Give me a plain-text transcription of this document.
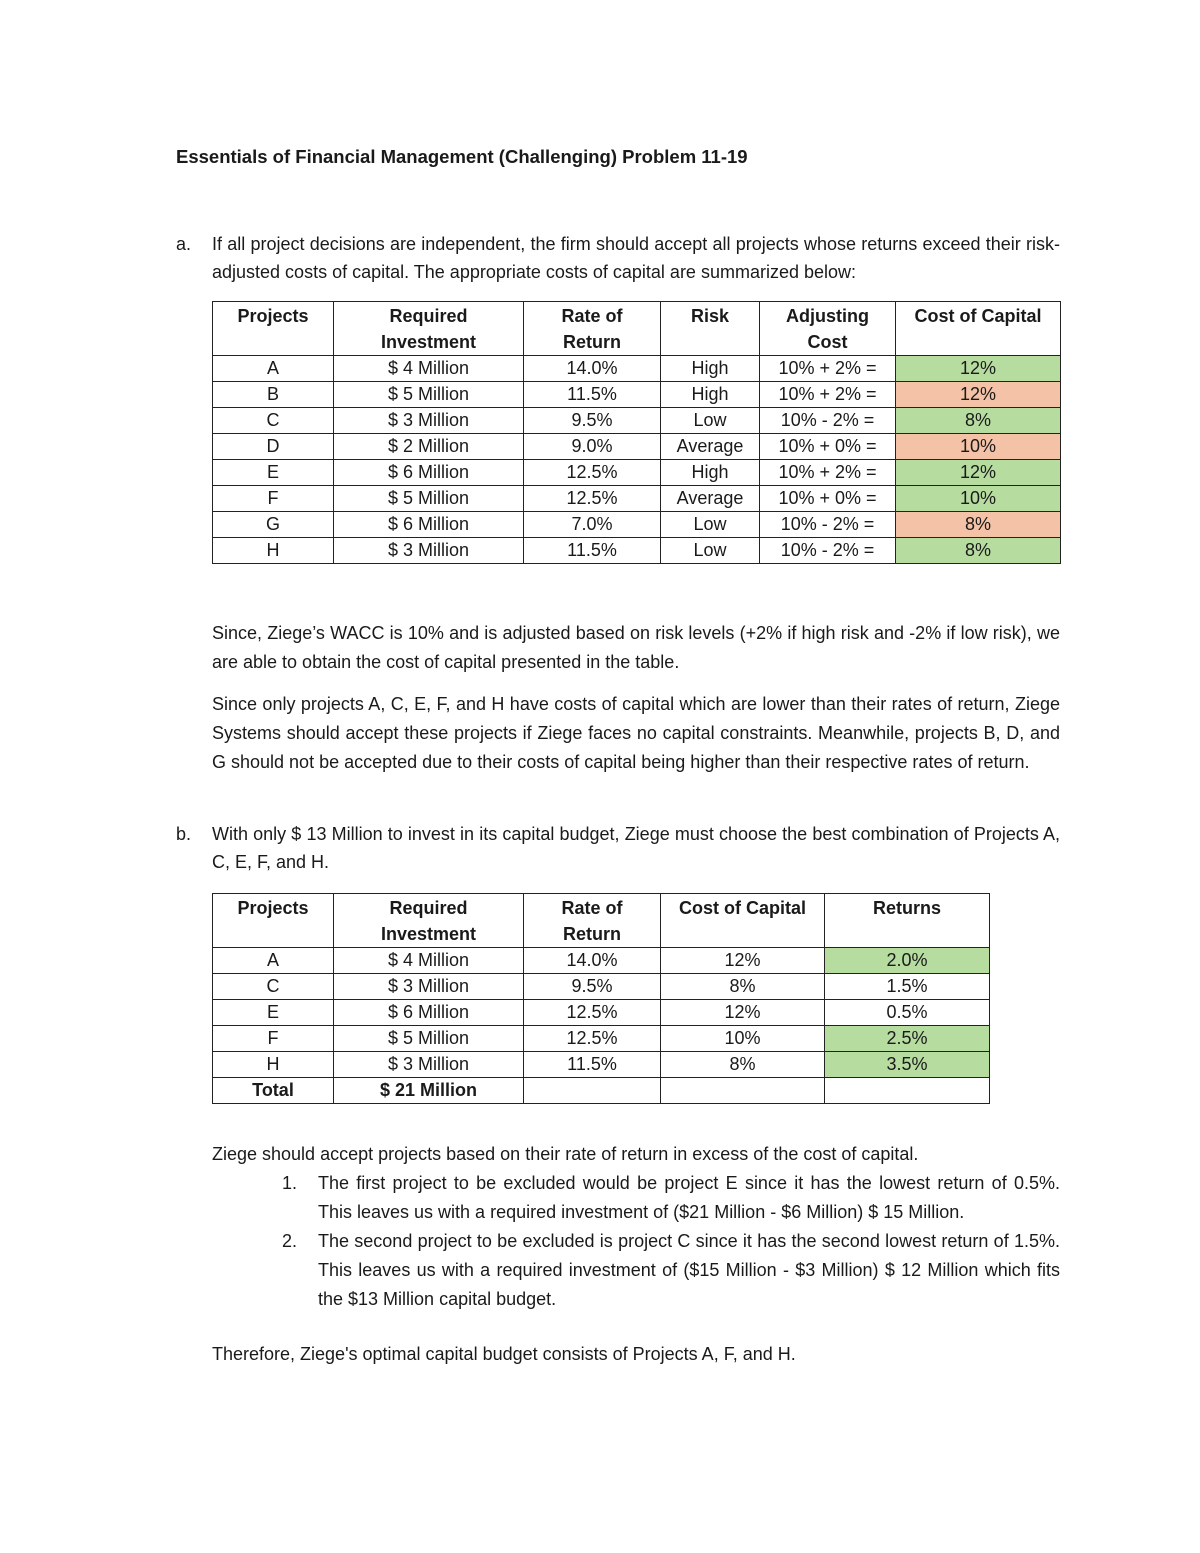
Essentials of Financial Management (Challenging) Problem 11-19
a. If all project decisions are independent, the firm should accept all projects whose returns exceed their risk-adjusted costs of capital. The appropriate costs of capital are summarized below:
Projects	Required Investment	Rate of Return	Risk	Adjusting Cost	Cost of Capital
A	$ 4 Million	14.0%	High	10% + 2% =	12%
B	$ 5 Million	11.5%	High	10% + 2% =	12%
C	$ 3 Million	9.5%	Low	10% - 2% =	8%
D	$ 2 Million	9.0%	Average	10% + 0% =	10%
E	$ 6 Million	12.5%	High	10% + 2% =	12%
F	$ 5 Million	12.5%	Average	10% + 0% =	10%
G	$ 6 Million	7.0%	Low	10% - 2% =	8%
H	$ 3 Million	11.5%	Low	10% - 2% =	8%
Since, Ziege’s WACC is 10% and is adjusted based on risk levels (+2% if high risk and -2% if low risk), we are able to obtain the cost of capital presented in the table.
Since only projects A, C, E, F, and H have costs of capital which are lower than their rates of return, Ziege Systems should accept these projects if Ziege faces no capital constraints. Meanwhile, projects B, D, and G should not be accepted due to their costs of capital being higher than their respective rates of return.
b. With only $ 13 Million to invest in its capital budget, Ziege must choose the best combination of Projects A, C, E, F, and H.
Projects	Required Investment	Rate of Return	Cost of Capital	Returns
A	$ 4 Million	14.0%	12%	2.0%
C	$ 3 Million	9.5%	8%	1.5%
E	$ 6 Million	12.5%	12%	0.5%
F	$ 5 Million	12.5%	10%	2.5%
H	$ 3 Million	11.5%	8%	3.5%
Total	$ 21 Million			
Ziege should accept projects based on their rate of return in excess of the cost of capital.
1. The first project to be excluded would be project E since it has the lowest return of 0.5%. This leaves us with a required investment of ($21 Million - $6 Million) $ 15 Million.
2. The second project to be excluded is project C since it has the second lowest return of 1.5%. This leaves us with a required investment of ($15 Million - $3 Million) $ 12 Million which fits the $13 Million capital budget.
Therefore, Ziege's optimal capital budget consists of Projects A, F, and H.
